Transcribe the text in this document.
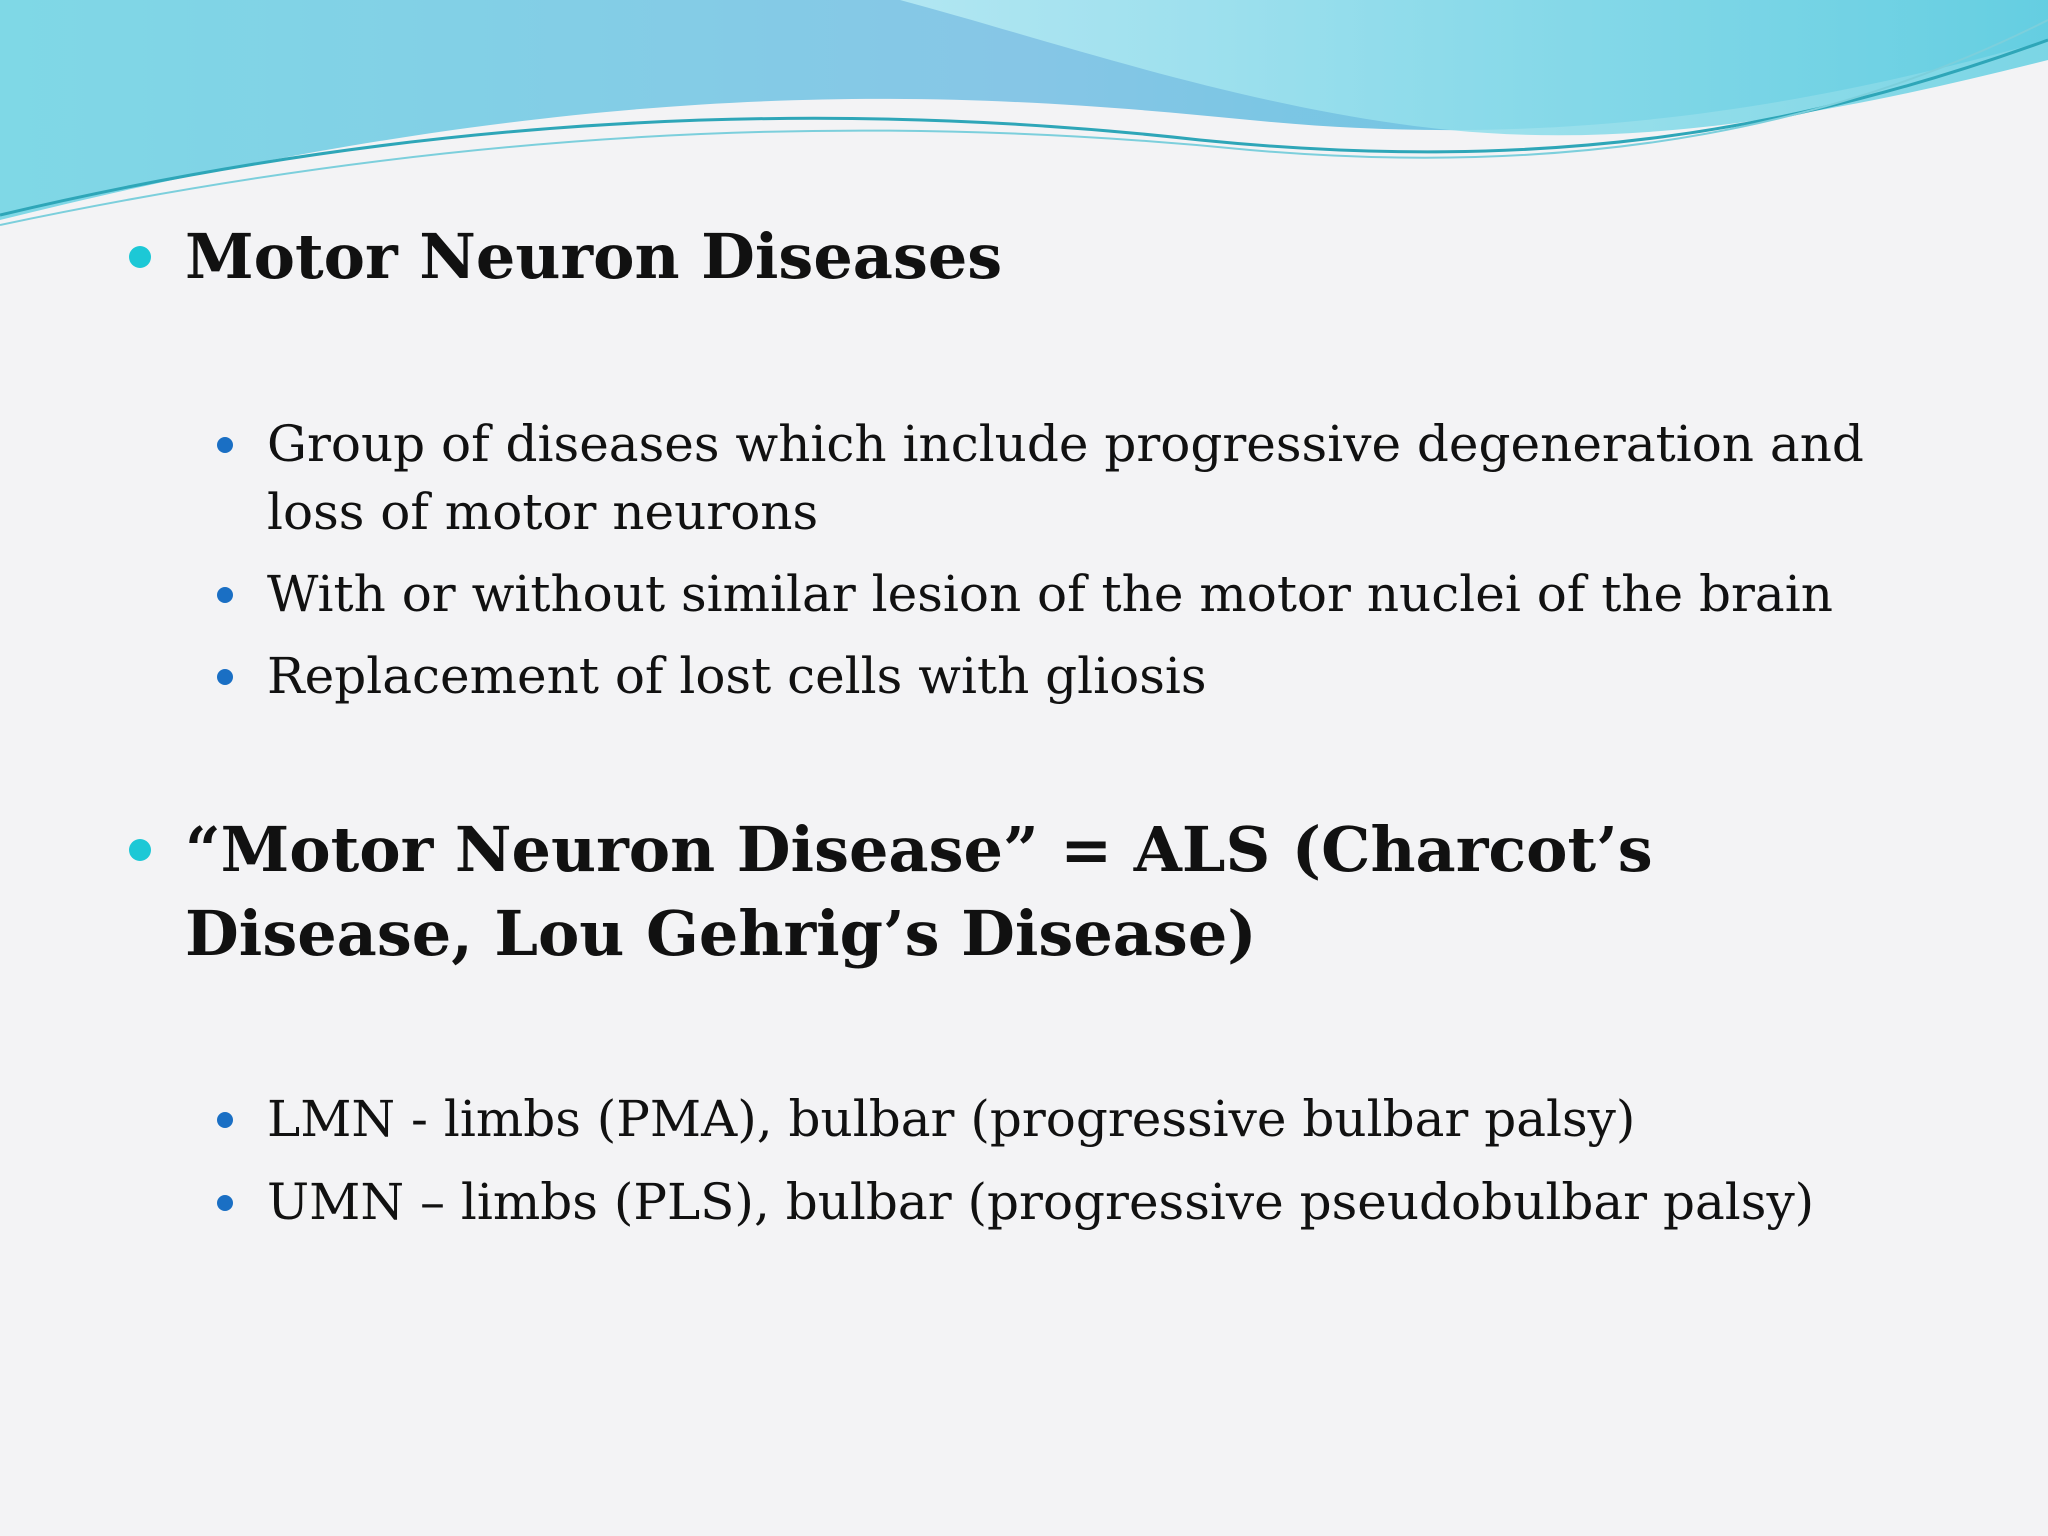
Motor Neuron Diseases
Group of diseases which include progressive degeneration and loss of motor neurons
With or without similar lesion of the motor nuclei of the brain
Replacement of lost cells with gliosis
“Motor Neuron Disease” = ALS (Charcot’s Disease, Lou Gehrig’s Disease)
LMN - limbs (PMA), bulbar (progressive bulbar palsy)
UMN – limbs (PLS), bulbar (progressive pseudobulbar palsy)
